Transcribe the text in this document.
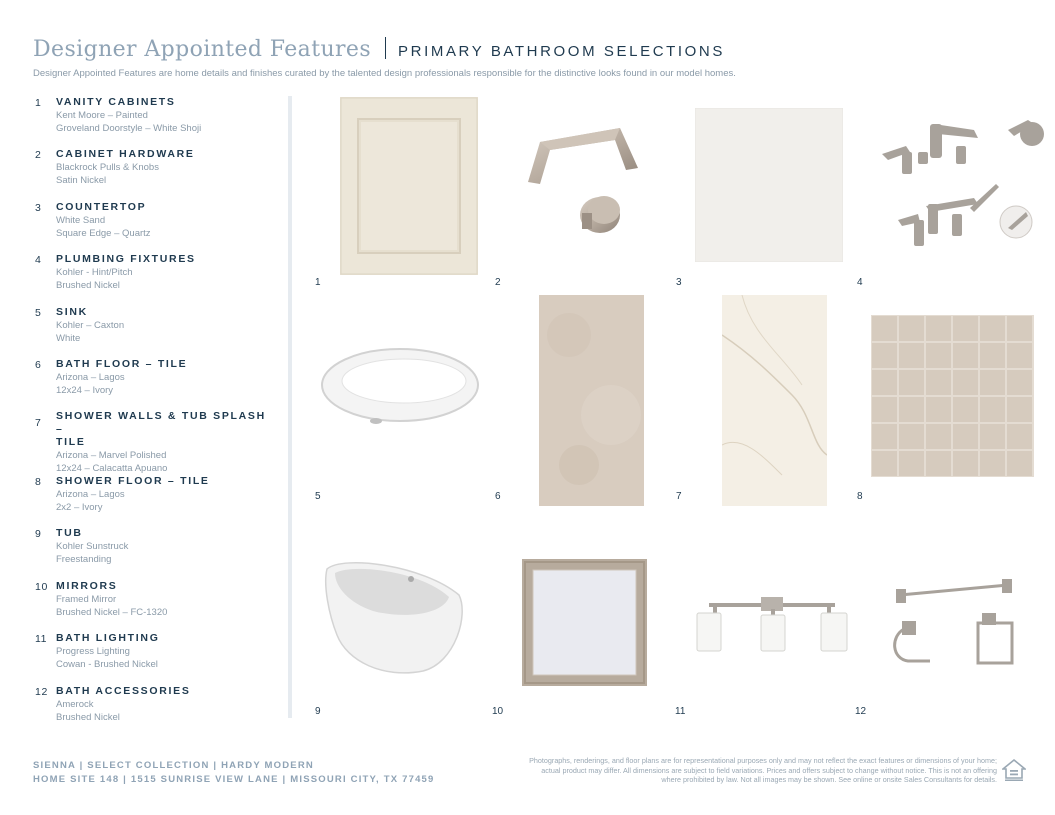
Designer Appointed Features PRIMARY BATHROOM SELECTIONS
Designer Appointed Features are home details and finishes curated by the talented design professionals responsible for the distinctive looks found in our model homes.
1	VANITY CABINETS
Kent Moore – Painted
Groveland Doorstyle – White Shoji
2	CABINET HARDWARE
Blackrock Pulls & Knobs
Satin Nickel
3	COUNTERTOP
White Sand
Square Edge – Quartz
4	PLUMBING FIXTURES
Kohler - Hint/Pitch
Brushed Nickel
5	SINK
Kohler – Caxton
White
6	BATH FLOOR – TILE
Arizona – Lagos
12x24 – Ivory
7
SHOWER WALLS & TUB SPLASH –
TILE
Arizona – Marvel Polished
12x24 – Calacatta Apuano
8	SHOWER FLOOR – TILE
Arizona – Lagos
2x2 – Ivory
9	TUB
Kohler Sunstruck
Freestanding
10 MIRRORS
Framed Mirror
Brushed Nickel – FC-1320
11 BATH LIGHTING
Progress Lighting
Cowan - Brushed Nickel
12 BATH ACCESSORIES
Amerock
Brushed Nickel
1	2	3	4
5	6	7	8
9	10	11	12
SIENNA | SELECT COLLECTION | HARDY MODERN
HOME SITE 148 | 1515 SUNRISE VIEW LANE | MISSOURI CITY, TX 77459
Photographs, renderings, and floor plans are for representational purposes only and may not reflect the exact features or dimensions of your home; actual product may differ. All dimensions are subject to field variations. Prices and offers subject to change without notice. This is not an offering where prohibited by law. Not all images may be shown. See online or onsite Sales Consultants for details.
